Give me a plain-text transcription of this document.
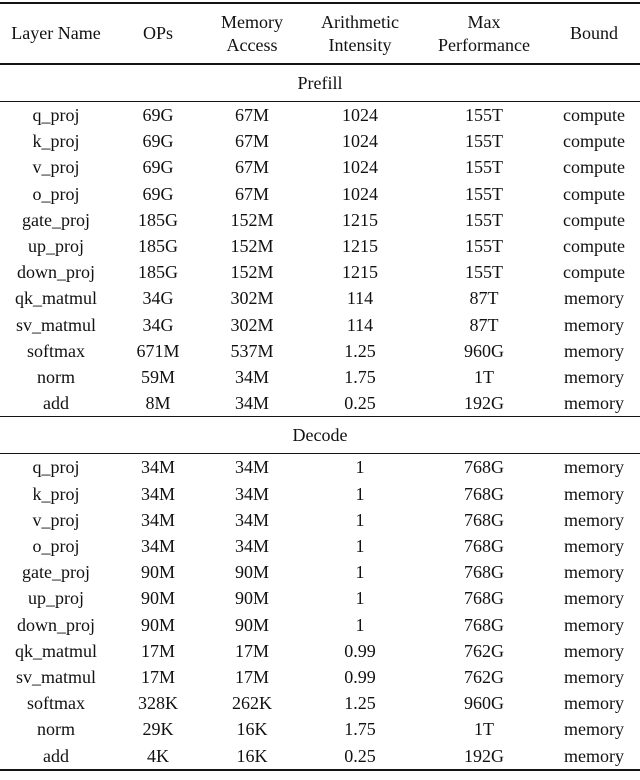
Layer Name	OPs	Memory Access	Arithmetic Intensity	Max Performance	Bound
Prefill					
q_proj	69G	67M	1024	155T	compute
k_proj	69G	67M	1024	155T	compute
v_proj	69G	67M	1024	155T	compute
o_proj	69G	67M	1024	155T	compute
gate_proj	185G	152M	1215	155T	compute
up_proj	185G	152M	1215	155T	compute
down_proj	185G	152M	1215	155T	compute
qk_matmul	34G	302M	114	87T	memory
sv_matmul	34G	302M	114	87T	memory
softmax	671M	537M	1.25	960G	memory
norm	59M	34M	1.75	1T	memory
add	8M	34M	0.25	192G	memory
Decode					
q_proj	34M	34M	1	768G	memory
k_proj	34M	34M	1	768G	memory
v_proj	34M	34M	1	768G	memory
o_proj	34M	34M	1	768G	memory
gate_proj	90M	90M	1	768G	memory
up_proj	90M	90M	1	768G	memory
down_proj	90M	90M	1	768G	memory
qk_matmul	17M	17M	0.99	762G	memory
sv_matmul	17M	17M	0.99	762G	memory
softmax	328K	262K	1.25	960G	memory
norm	29K	16K	1.75	1T	memory
add	4K	16K	0.25	192G	memory
